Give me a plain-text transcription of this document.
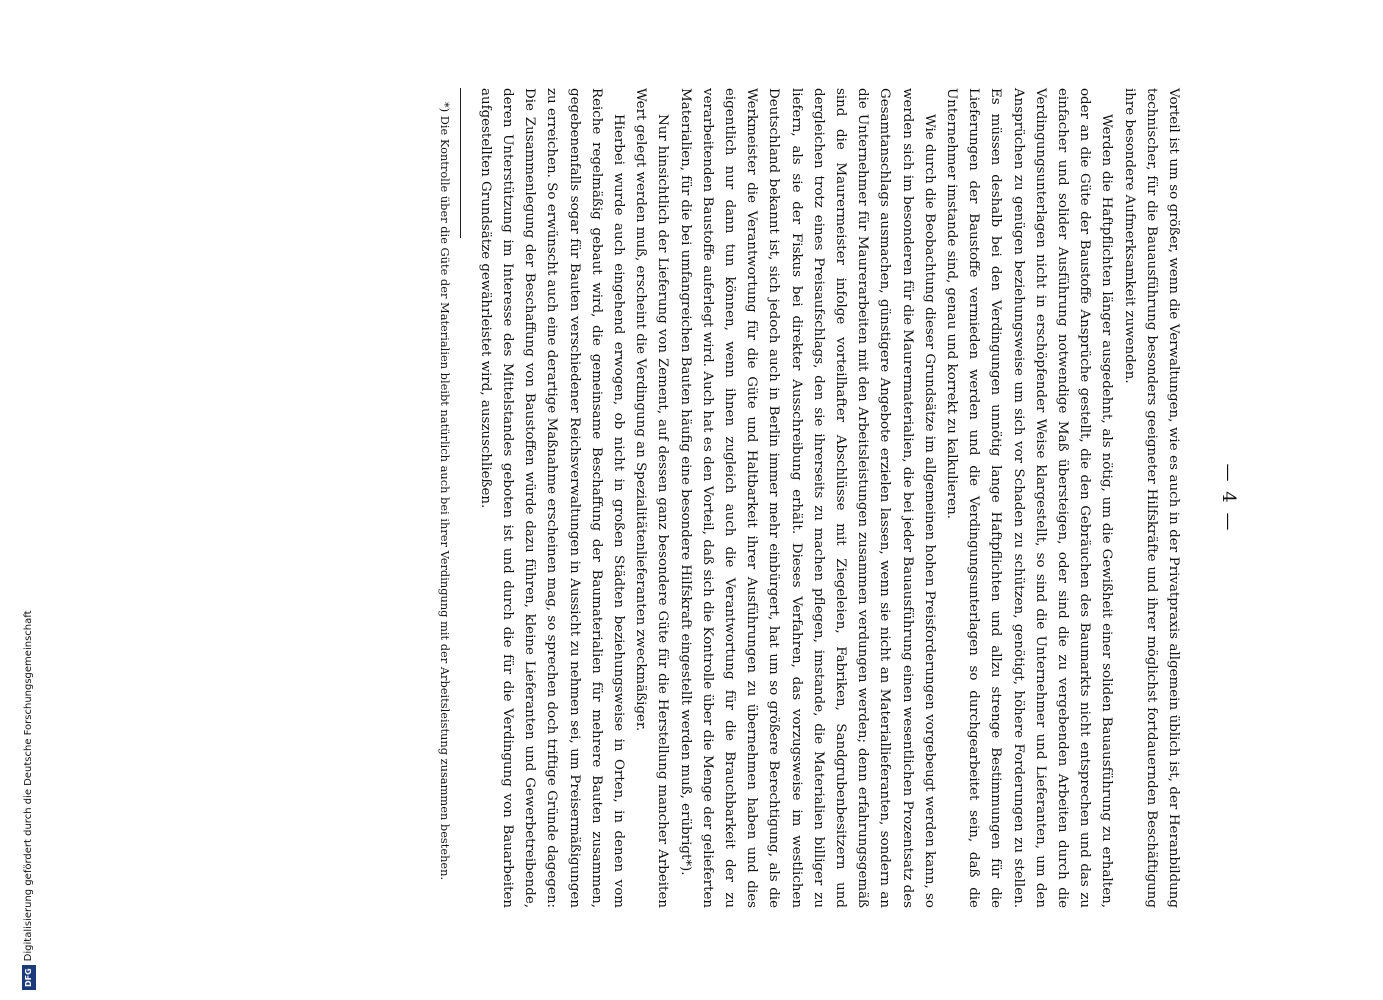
DFG
Digitalisierung gefördert durch die Deutsche Forschungsgemeinschaft
— 4 —

Vorteil ist um so größer, wenn die Verwaltungen, wie es auch in der Privatpraxis allgemein üblich ist, der Heranbildung technischer, für die Bauausführung besonders geeigneter Hilfskräfte und ihrer möglichst fortdauernden Beschäftigung ihre besondere Aufmerksamkeit zuwenden.

Werden die Haftpflichten länger ausgedehnt, als nötig, um die Gewißheit einer soliden Bauausführung zu erhalten, oder an die Güte der Baustoffe Ansprüche gestellt, die den Gebräuchen des Baumarkts nicht entsprechen und das zu einfacher und solider Ausführung notwendige Maß übersteigen, oder sind die zu vergebenden Arbeiten durch die Verdingungsunterlagen nicht in erschöpfender Weise klargestellt, so sind die Unternehmer und Lieferanten, um den Ansprüchen zu genügen beziehungsweise um sich vor Schaden zu schützen, genötigt, höhere Forderungen zu stellen. Es müssen deshalb bei den Verdingungen unnötig lange Haftpflichten und allzu strenge Bestimmungen für die Lieferungen der Baustoffe vermieden werden und die Verdingungsunterlagen so durchgearbeitet sein, daß die Unternehmer imstande sind, genau und korrekt zu kalkulieren.

Wie durch die Beobachtung dieser Grundsätze im allgemeinen hohen Preisforderungen vorgebeugt werden kann, so werden sich im besonderen für die Maurermaterialien, die bei jeder Bauausführung einen wesentlichen Prozentsatz des Gesamtanschlags ausmachen, günstigere Angebote erzielen lassen, wenn sie nicht an Materiallieferanten, sondern an die Unternehmer für Maurerarbeiten mit den Arbeitsleistungen zusammen verdungen werden; denn erfahrungsgemäß sind die Maurermeister infolge vorteilhafter Abschlüsse mit Ziegeleien, Fabriken, Sandgrubenbesitzern und dergleichen trotz eines Preisaufschlags, den sie ihrerseits zu machen pflegen, imstande, die Materialien billiger zu liefern, als sie der Fiskus bei direkter Ausschreibung erhält. Dieses Verfahren, das vorzugsweise im westlichen Deutschland bekannt ist, sich jedoch auch in Berlin immer mehr einbürgert, hat um so größere Berechtigung, als die Werkmeister die Verantwortung für die Güte und Haltbarkeit ihrer Ausführungen zu übernehmen haben und dies eigentlich nur dann tun können, wenn ihnen zugleich auch die Verantwortung für die Brauchbarkeit der zu verarbeitenden Baustoffe auferlegt wird. Auch hat es den Vorteil, daß sich die Kontrolle über die Menge der gelieferten Materialien, für die bei umfangreichen Bauten häufig eine besondere Hilfskraft eingestellt werden muß, erübrigt*).

Nur hinsichtlich der Lieferung von Zement, auf dessen ganz besondere Güte für die Herstellung mancher Arbeiten Wert gelegt werden muß, erscheint die Verdingung an Spezialitätenlieferanten zweckmäßiger.

Hierbei wurde auch eingehend erwogen, ob nicht in großen Städten beziehungsweise in Orten, in denen vom Reiche regelmäßig gebaut wird, die gemeinsame Beschaffung der Baumaterialien für mehrere Bauten zusammen, gegebenenfalls sogar für Bauten verschiedener Reichsverwaltungen in Aussicht zu nehmen sei, um Preisermäßigungen zu erreichen. So erwünscht auch eine derartige Maßnahme erscheinen mag, so sprechen doch triftige Gründe dagegen: Die Zusammenlegung der Beschaffung von Baustoffen würde dazu führen, kleine Lieferanten und Gewerbetreibende, deren Unterstützung im Interesse des Mittelstandes geboten ist und durch die für die Verdingung von Bauarbeiten aufgestellten Grundsätze gewährleistet wird, auszuschließen.

*) Die Kontrolle über die Güte der Materialien bleibt natürlich auch bei ihrer Verdingung mit der Arbeitsleistung zusammen bestehen.
